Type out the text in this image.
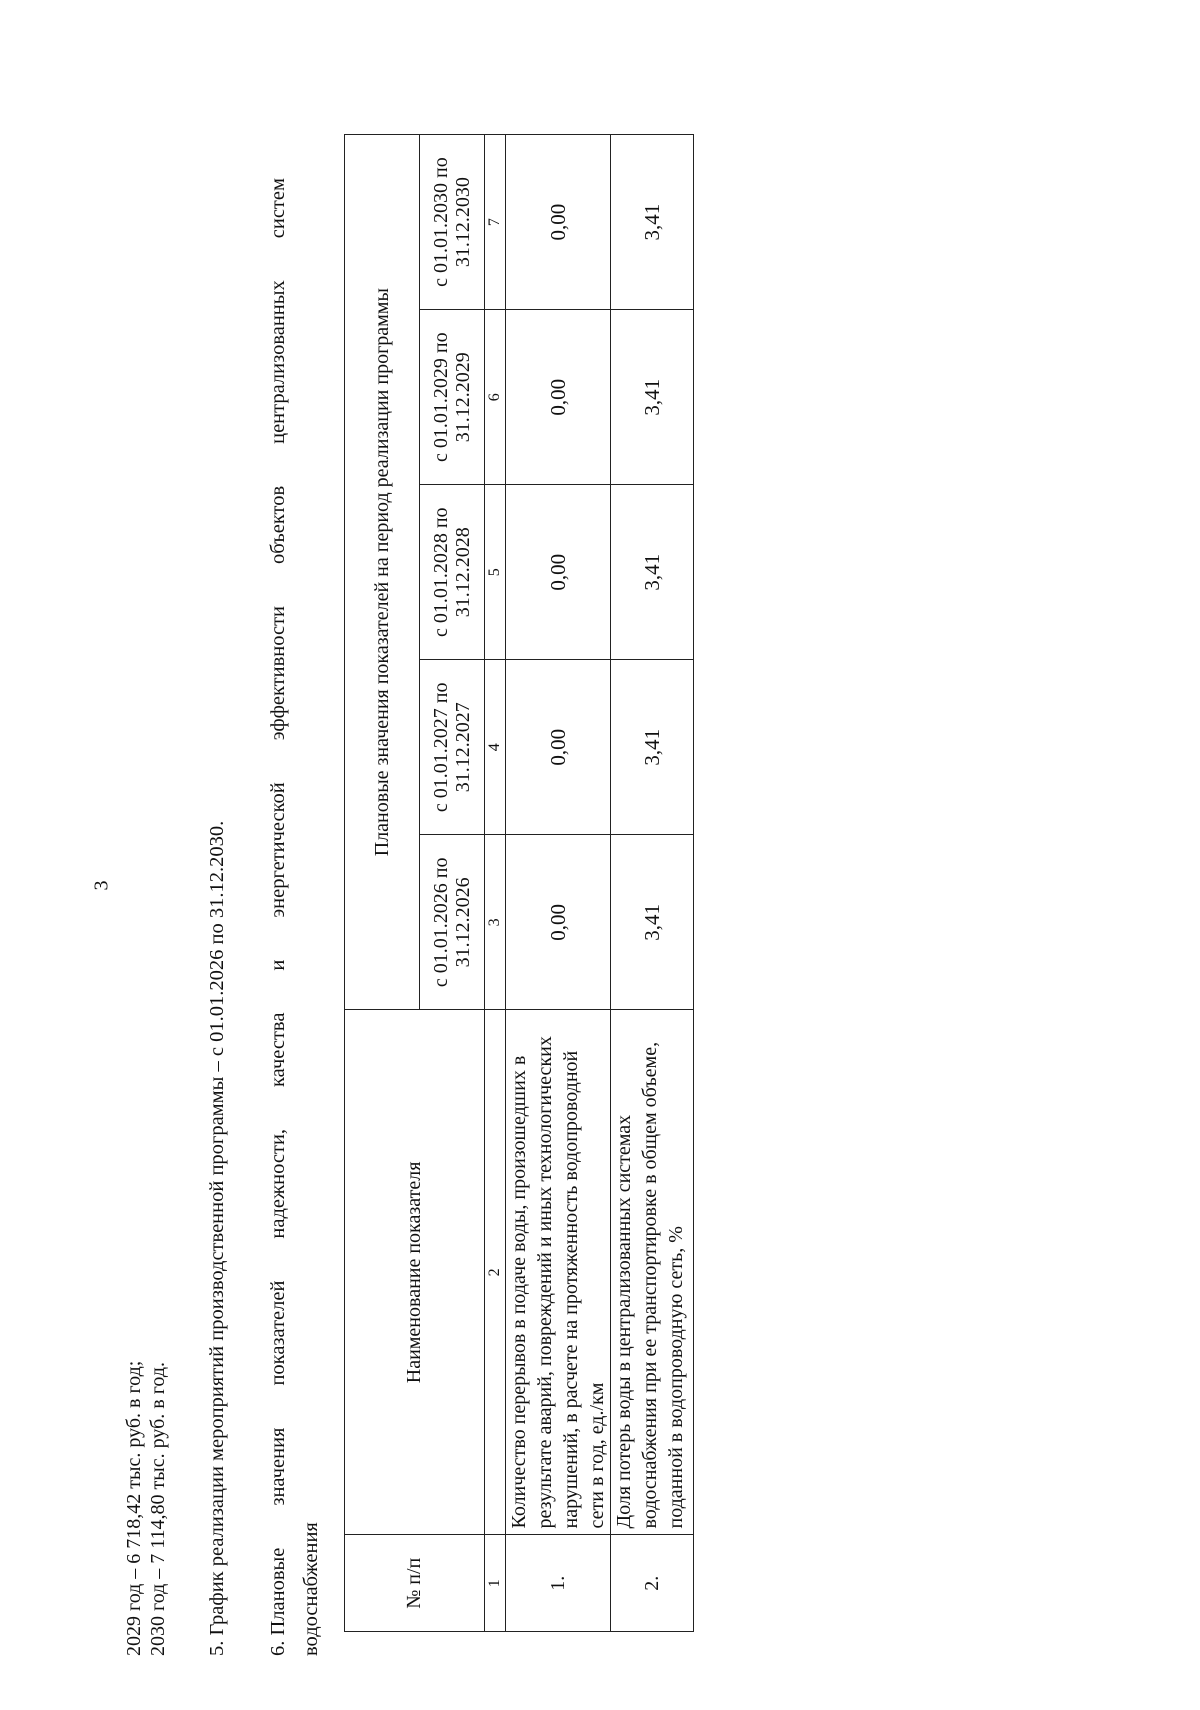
3
2029 год – 6 718,42 тыс. руб. в год; 2030 год – 7 114,80 тыс. руб. в год. 5. График реализации мероприятий производственной программы – с 01.01.2026 по 31.12.2030. 6. Плановые
значения
показателей
надежности,
качества
и
энергетической
эффективности
объектов
централизованных
систем
водоснабжения	№ п/п	Наименование показателя	Плановые значения показателей на период реализации программы				
		с 01.01.2026 по 31.12.2026	с 01.01.2027 по 31.12.2027	с 01.01.2028 по 31.12.2028	с 01.01.2029 по 31.12.2029	с 01.01.2030 по 31.12.2030
1	2	3	4	5	6	7
1.	Количество перерывов в подаче воды, произошедших в результате аварий, повреждений и иных технологических нарушений, в расчете на протяженность водопроводной сети в год, ед./км	0,00	0,00	0,00	0,00	0,00
2.	Доля потерь воды в централизованных системах водоснабжения при ее транспортировке в общем объеме, поданной в водопроводную сеть, %	3,41	3,41	3,41	3,41	3,41
